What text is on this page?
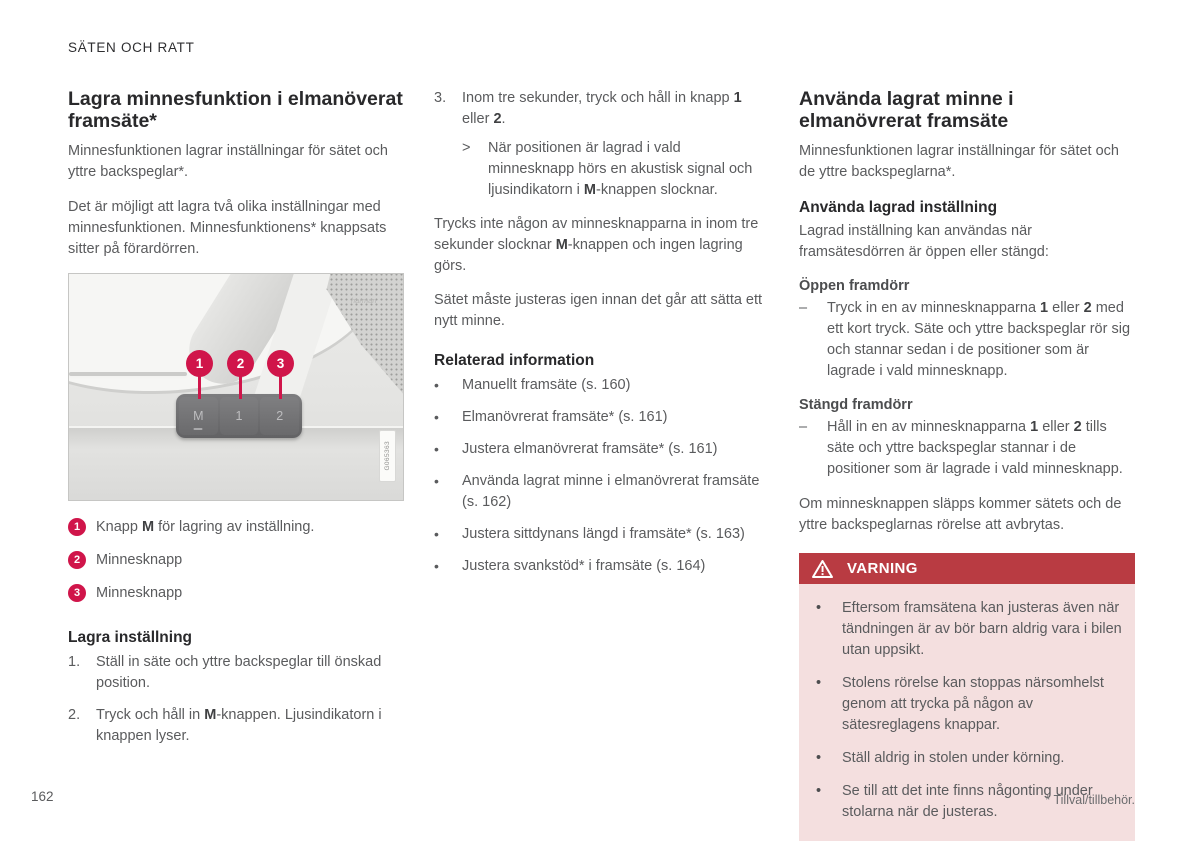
SÄTEN OCH RATT
Lagra minnesfunktion i elmanöverat framsäte*

Minnesfunktionen lagrar inställningar för sätet och yttre backspeglar*.

Det är möjligt att lagra två olika inställningar med minnesfunktionen. Minnesfunktionens* knappsats sitter på förardörren.

harman
M	1	2
1	2	3
G065363
1	Knapp M för lagring av inställning.
2	Minnesknapp
3	Minnesknapp
Lagra inställning
1.	Ställ in säte och yttre backspeglar till önskad position.
2.	Tryck och håll in M-knappen. Ljusindikatorn i knappen lyser.
3.	Inom tre sekunder, tryck och håll in knapp 1 eller 2.
>	När positionen är lagrad i vald minnesknapp hörs en akustisk signal och ljusindikatorn i M-knappen slocknar.

Trycks inte någon av minnesknapparna in inom tre sekunder slocknar M-knappen och ingen lagring görs.

Sätet måste justeras igen innan det går att sätta ett nytt minne.

Relaterad information
•	Manuellt framsäte (s. 160)
•	Elmanövrerat framsäte* (s. 161)
•	Justera elmanövrerat framsäte* (s. 161)
•	Använda lagrat minne i elmanövrerat framsäte (s. 162)
•	Justera sittdynans längd i framsäte* (s. 163)
•	Justera svankstöd* i framsäte (s. 164)
Använda lagrat minne i elmanövrerat framsäte

Minnesfunktionen lagrar inställningar för sätet och de yttre backspeglarna*.

Använda lagrad inställning

Lagrad inställning kan användas när framsätesdörren är öppen eller stängd:

Öppen framdörr
–	Tryck in en av minnesknapparna 1 eller 2 med ett kort tryck. Säte och yttre backspeglar rör sig och stannar sedan i de positioner som är lagrade i vald minnesknapp.
Stängd framdörr
–	Håll in en av minnesknapparna 1 eller 2 tills säte och yttre backspeglar stannar i de positioner som är lagrade i vald minnesknapp.

Om minnesknappen släpps kommer sätets och de yttre backspeglarnas rörelse att avbrytas.

VARNING
•	Eftersom framsätena kan justeras även när tändningen är av bör barn aldrig vara i bilen utan uppsikt.
•	Stolens rörelse kan stoppas närsomhelst genom att trycka på någon av sätesreglagens knappar.
•	Ställ aldrig in stolen under körning.
•	Se till att det inte finns någonting under stolarna när de justeras.
162	* Tillval/tillbehör.
